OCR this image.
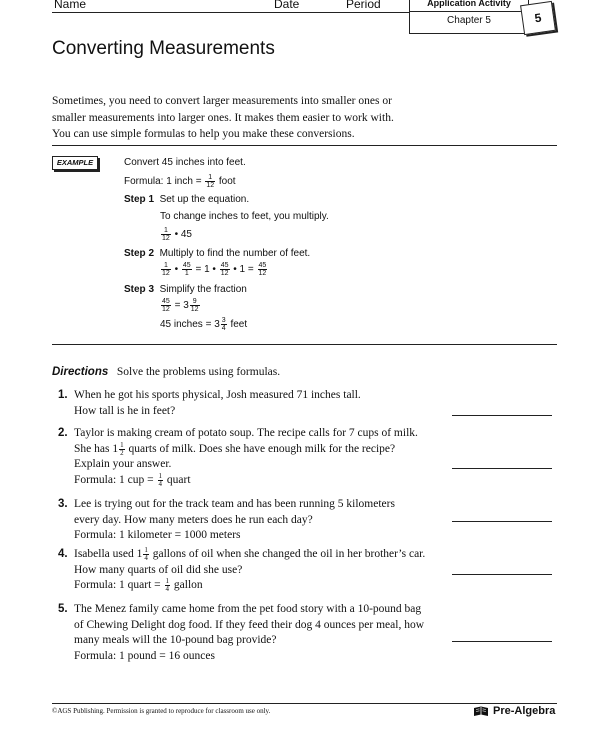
Name	Date	Period	Application Activity
Chapter 5	5
Converting Measurements
Sometimes, you need to convert larger measurements into smaller ones or
smaller measurements into larger ones. It makes them easier to work with.
You can use simple formulas to help you make these conversions.
EXAMPLE	Convert 45 inches into feet.
Formula: 1 inch = $\frac{1}{12}$ foot
Step 1 Set up the equation.
To change inches to feet, you multiply.
$\frac{1}{12}$ • 45
Step 2 Multiply to find the number of feet.
$\frac{1}{12}$ • $\frac{45}{1} = 1$ • $\frac{45}{12}$ • $1 = \frac{45}{12}$
Step 3 Simplify the fraction
$\frac{45}{12} = 3 \frac{9}{12}$
45 inches = $3 \frac{3}{4}$ feet
Directions Solve the problems using formulas.
1. When he got his sports physical, Josh measured 71 inches tall.
How tall is he in feet?
2. Taylor is making cream of potato soup. The recipe calls for 7 cups of milk.
She has $1 \frac{1}{2}$ quarts of milk. Does she have enough milk for the recipe?
Explain your answer.
Formula: 1 cup = $\frac{1}{4}$ quart
3. Lee is trying out for the track team and has been running 5 kilometers
every day. How many meters does he run each day?
Formula: 1 kilometer = 1000 meters
4. Isabella used $1 \frac{1}{4}$ gallons of oil when she changed the oil in her brother’s car.
How many quarts of oil did she use?
Formula: 1 quart = $\frac{1}{4}$ gallon
5. The Menez family came home from the pet food story with a 10-pound bag
of Chewing Delight dog food. If they feed their dog 4 ounces per meal, how
many meals will the 10-pound bag provide?
Formula: 1 pound = 16 ounces
©AGS Publishing. Permission is granted to reproduce for classroom use only.	Pre-Algebra
